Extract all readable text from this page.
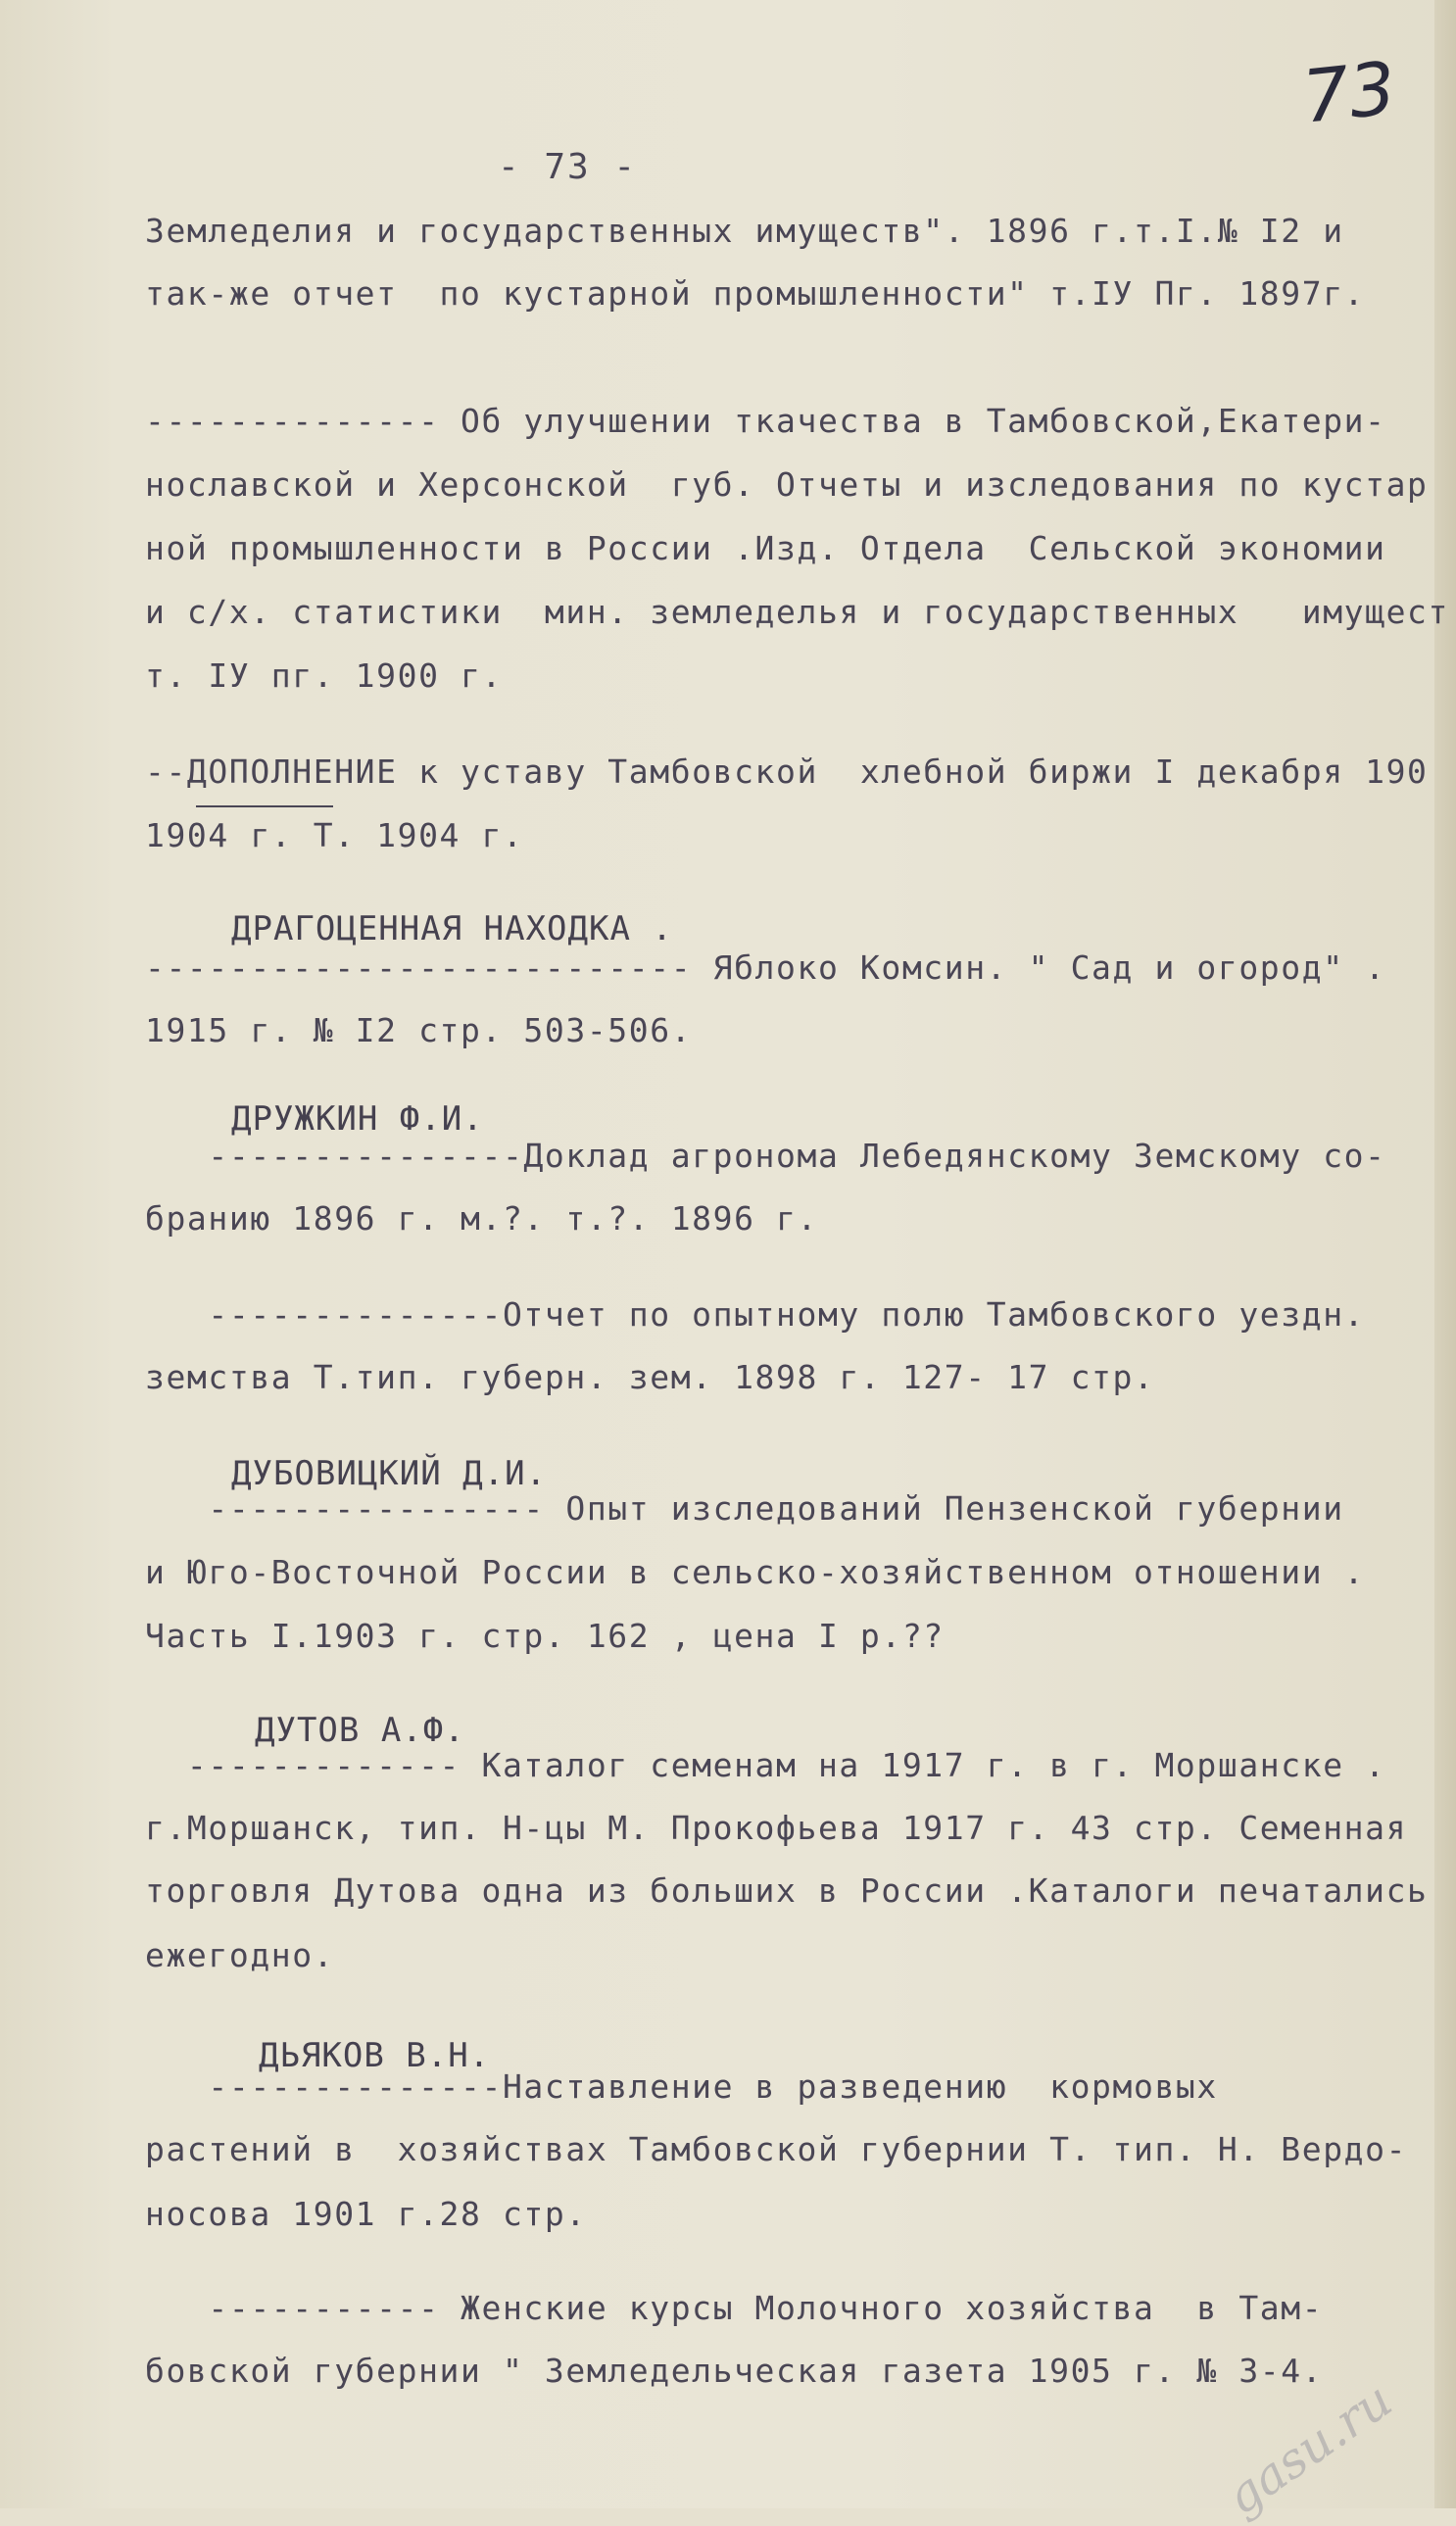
73
- 73 -
Земледелия и государственных имуществ". 1896 г.т.I.№ I2 и
так-же отчет  по кустарной промышленности" т.IУ Пг. 1897г.
-------------- Об улучшении ткачества в Тамбовской,Екатери-
нославской и Херсонской  губ. Отчеты и изследования по кустар
ной промышленности в России .Изд. Отдела  Сельской экономии
и с/х. статистики  мин. земледелья и государственных   имущест
т. IУ пг. 1900 г.
--ДОПОЛНЕНИЕ к уставу Тамбовской  хлебной биржи I декабря 190
1904 г. Т. 1904 г.
ДРАГОЦЕННАЯ НАХОДКА .
-------------------------- Яблоко Комсин. " Сад и огород" .
1915 г. № I2 стр. 503-506.
ДРУЖКИН Ф.И.
---------------Доклад агронома Лебедянскому Земскому со-
бранию 1896 г. м.?. т.?. 1896 г.
--------------Отчет по опытному полю Тамбовского уездн.
земства Т.тип. губерн. зем. 1898 г. 127- 17 стр.
ДУБОВИЦКИЙ Д.И.
---------------- Опыт изследований Пензенской губернии
и Юго-Восточной России в сельско-хозяйственном отношении .
Часть I.1903 г. стр. 162 , цена I р.??
ДУТОВ А.Ф.
------------- Каталог семенам на 1917 г. в г. Моршанске .
г.Моршанск, тип. Н-цы М. Прокофьева 1917 г. 43 стр. Семенная
торговля Дутова одна из больших в России .Каталоги печатались
ежегодно.
ДЬЯКОВ В.Н.
--------------Наставление в разведению  кормовых
растений в  хозяйствах Тамбовской губернии Т. тип. Н. Вердо-
носова 1901 г.28 стр.
----------- Женские курсы Молочного хозяйства  в Там-
бовской губернии " Земледельческая газета 1905 г. № 3-4.
gasu.ru
